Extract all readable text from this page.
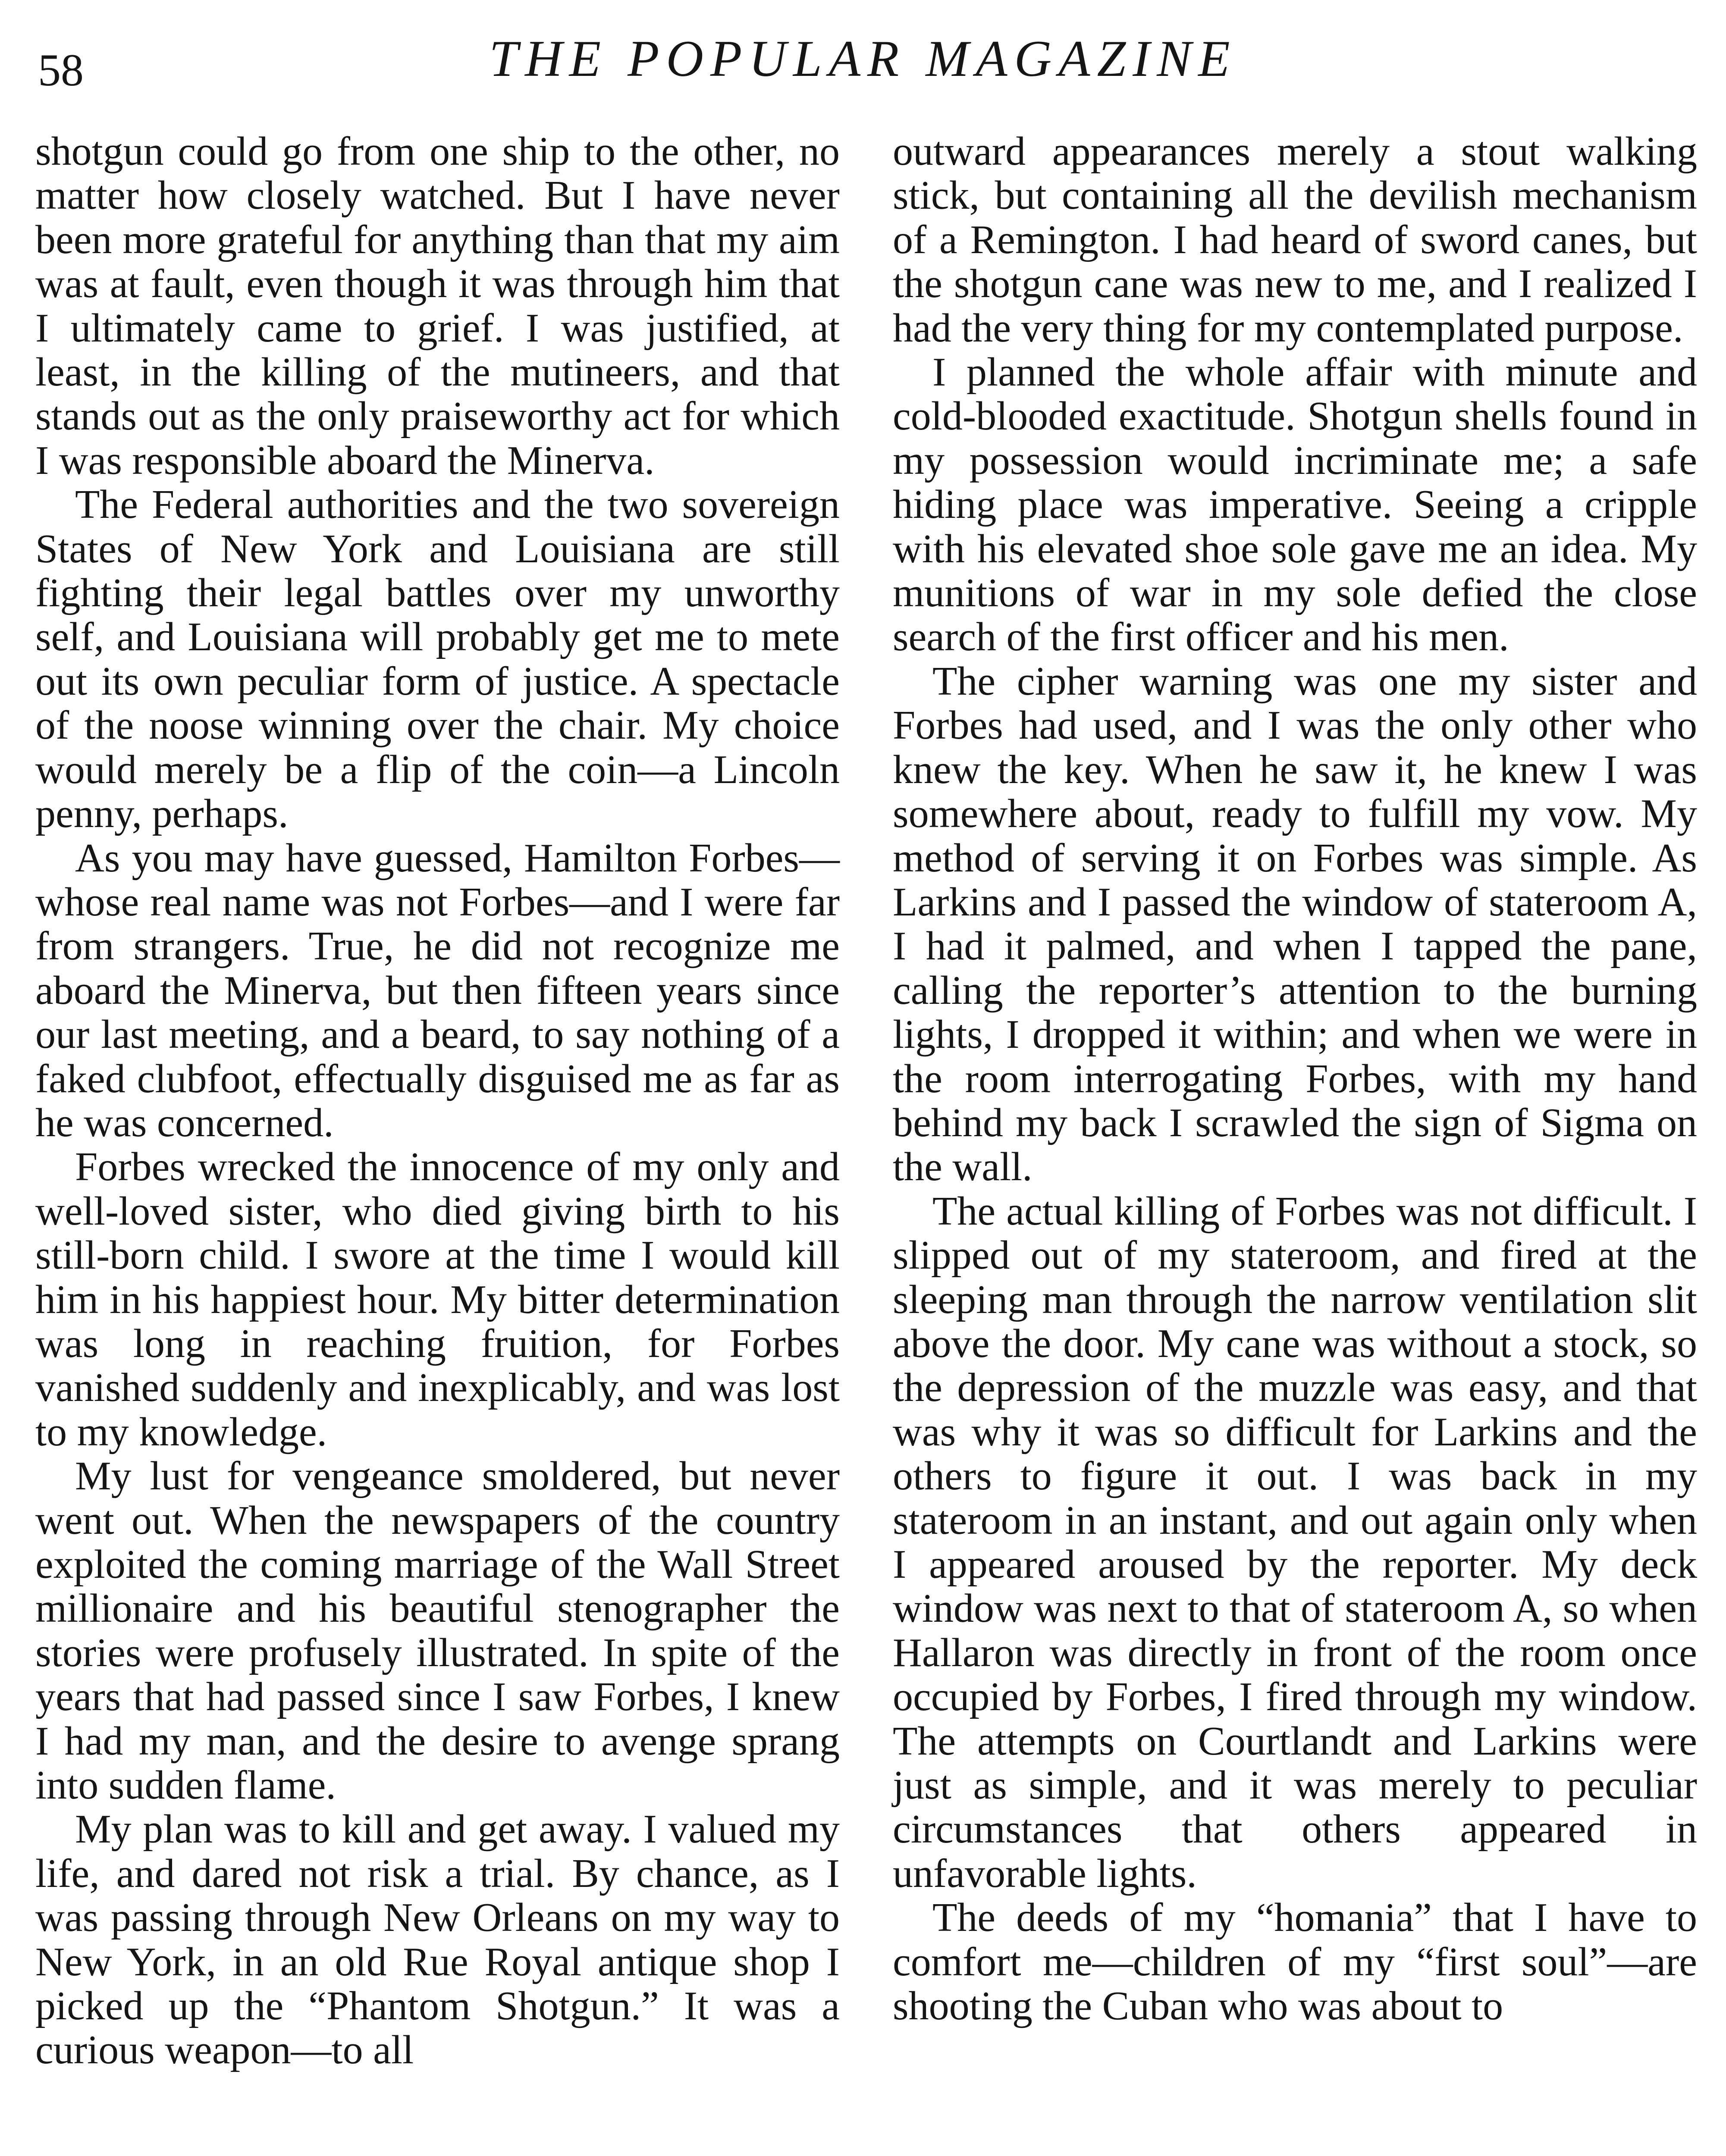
58	THE POPULAR MAGAZINE

shotgun could go from one ship to the other, no matter how closely watched. But I have never been more grateful for anything than that my aim was at fault, even though it was through him that I ultimately came to grief. I was justified, at least, in the killing of the mutineers, and that stands out as the only praiseworthy act for which I was responsible aboard the Minerva.

The Federal authorities and the two sovereign States of New York and Louisiana are still fighting their legal battles over my unworthy self, and Louisiana will probably get me to mete out its own peculiar form of justice. A spectacle of the noose winning over the chair. My choice would merely be a flip of the coin—a Lincoln penny, perhaps.

As you may have guessed, Hamilton Forbes—whose real name was not Forbes—and I were far from strangers. True, he did not recognize me aboard the Minerva, but then fifteen years since our last meeting, and a beard, to say nothing of a faked clubfoot, effectually disguised me as far as he was concerned.

Forbes wrecked the innocence of my only and well-loved sister, who died giving birth to his still-born child. I swore at the time I would kill him in his happiest hour. My bitter determination was long in reaching fruition, for Forbes vanished suddenly and inexplicably, and was lost to my knowledge.

My lust for vengeance smoldered, but never went out. When the newspapers of the country exploited the coming marriage of the Wall Street millionaire and his beautiful stenographer the stories were profusely illustrated. In spite of the years that had passed since I saw Forbes, I knew I had my man, and the desire to avenge sprang into sudden flame.

My plan was to kill and get away. I valued my life, and dared not risk a trial. By chance, as I was passing through New Orleans on my way to New York, in an old Rue Royal antique shop I picked up the “Phantom Shotgun.” It was a curious weapon—to all

outward appearances merely a stout walking stick, but containing all the devilish mechanism of a Remington. I had heard of sword canes, but the shotgun cane was new to me, and I realized I had the very thing for my contemplated purpose.

I planned the whole affair with minute and cold-blooded exactitude. Shotgun shells found in my possession would incriminate me; a safe hiding place was imperative. Seeing a cripple with his elevated shoe sole gave me an idea. My munitions of war in my sole defied the close search of the first officer and his men.

The cipher warning was one my sister and Forbes had used, and I was the only other who knew the key. When he saw it, he knew I was somewhere about, ready to fulfill my vow. My method of serving it on Forbes was simple. As Larkins and I passed the window of stateroom A, I had it palmed, and when I tapped the pane, calling the reporter’s attention to the burning lights, I dropped it within; and when we were in the room interrogating Forbes, with my hand behind my back I scrawled the sign of Sigma on the wall.

The actual killing of Forbes was not difficult. I slipped out of my stateroom, and fired at the sleeping man through the narrow ventilation slit above the door. My cane was without a stock, so the depression of the muzzle was easy, and that was why it was so difficult for Larkins and the others to figure it out. I was back in my stateroom in an instant, and out again only when I appeared aroused by the reporter. My deck window was next to that of stateroom A, so when Hallaron was directly in front of the room once occupied by Forbes, I fired through my window. The attempts on Courtlandt and Larkins were just as simple, and it was merely to peculiar circumstances that others appeared in unfavorable lights.

The deeds of my “homania” that I have to comfort me—children of my “first soul”—are shooting the Cuban who was about to
